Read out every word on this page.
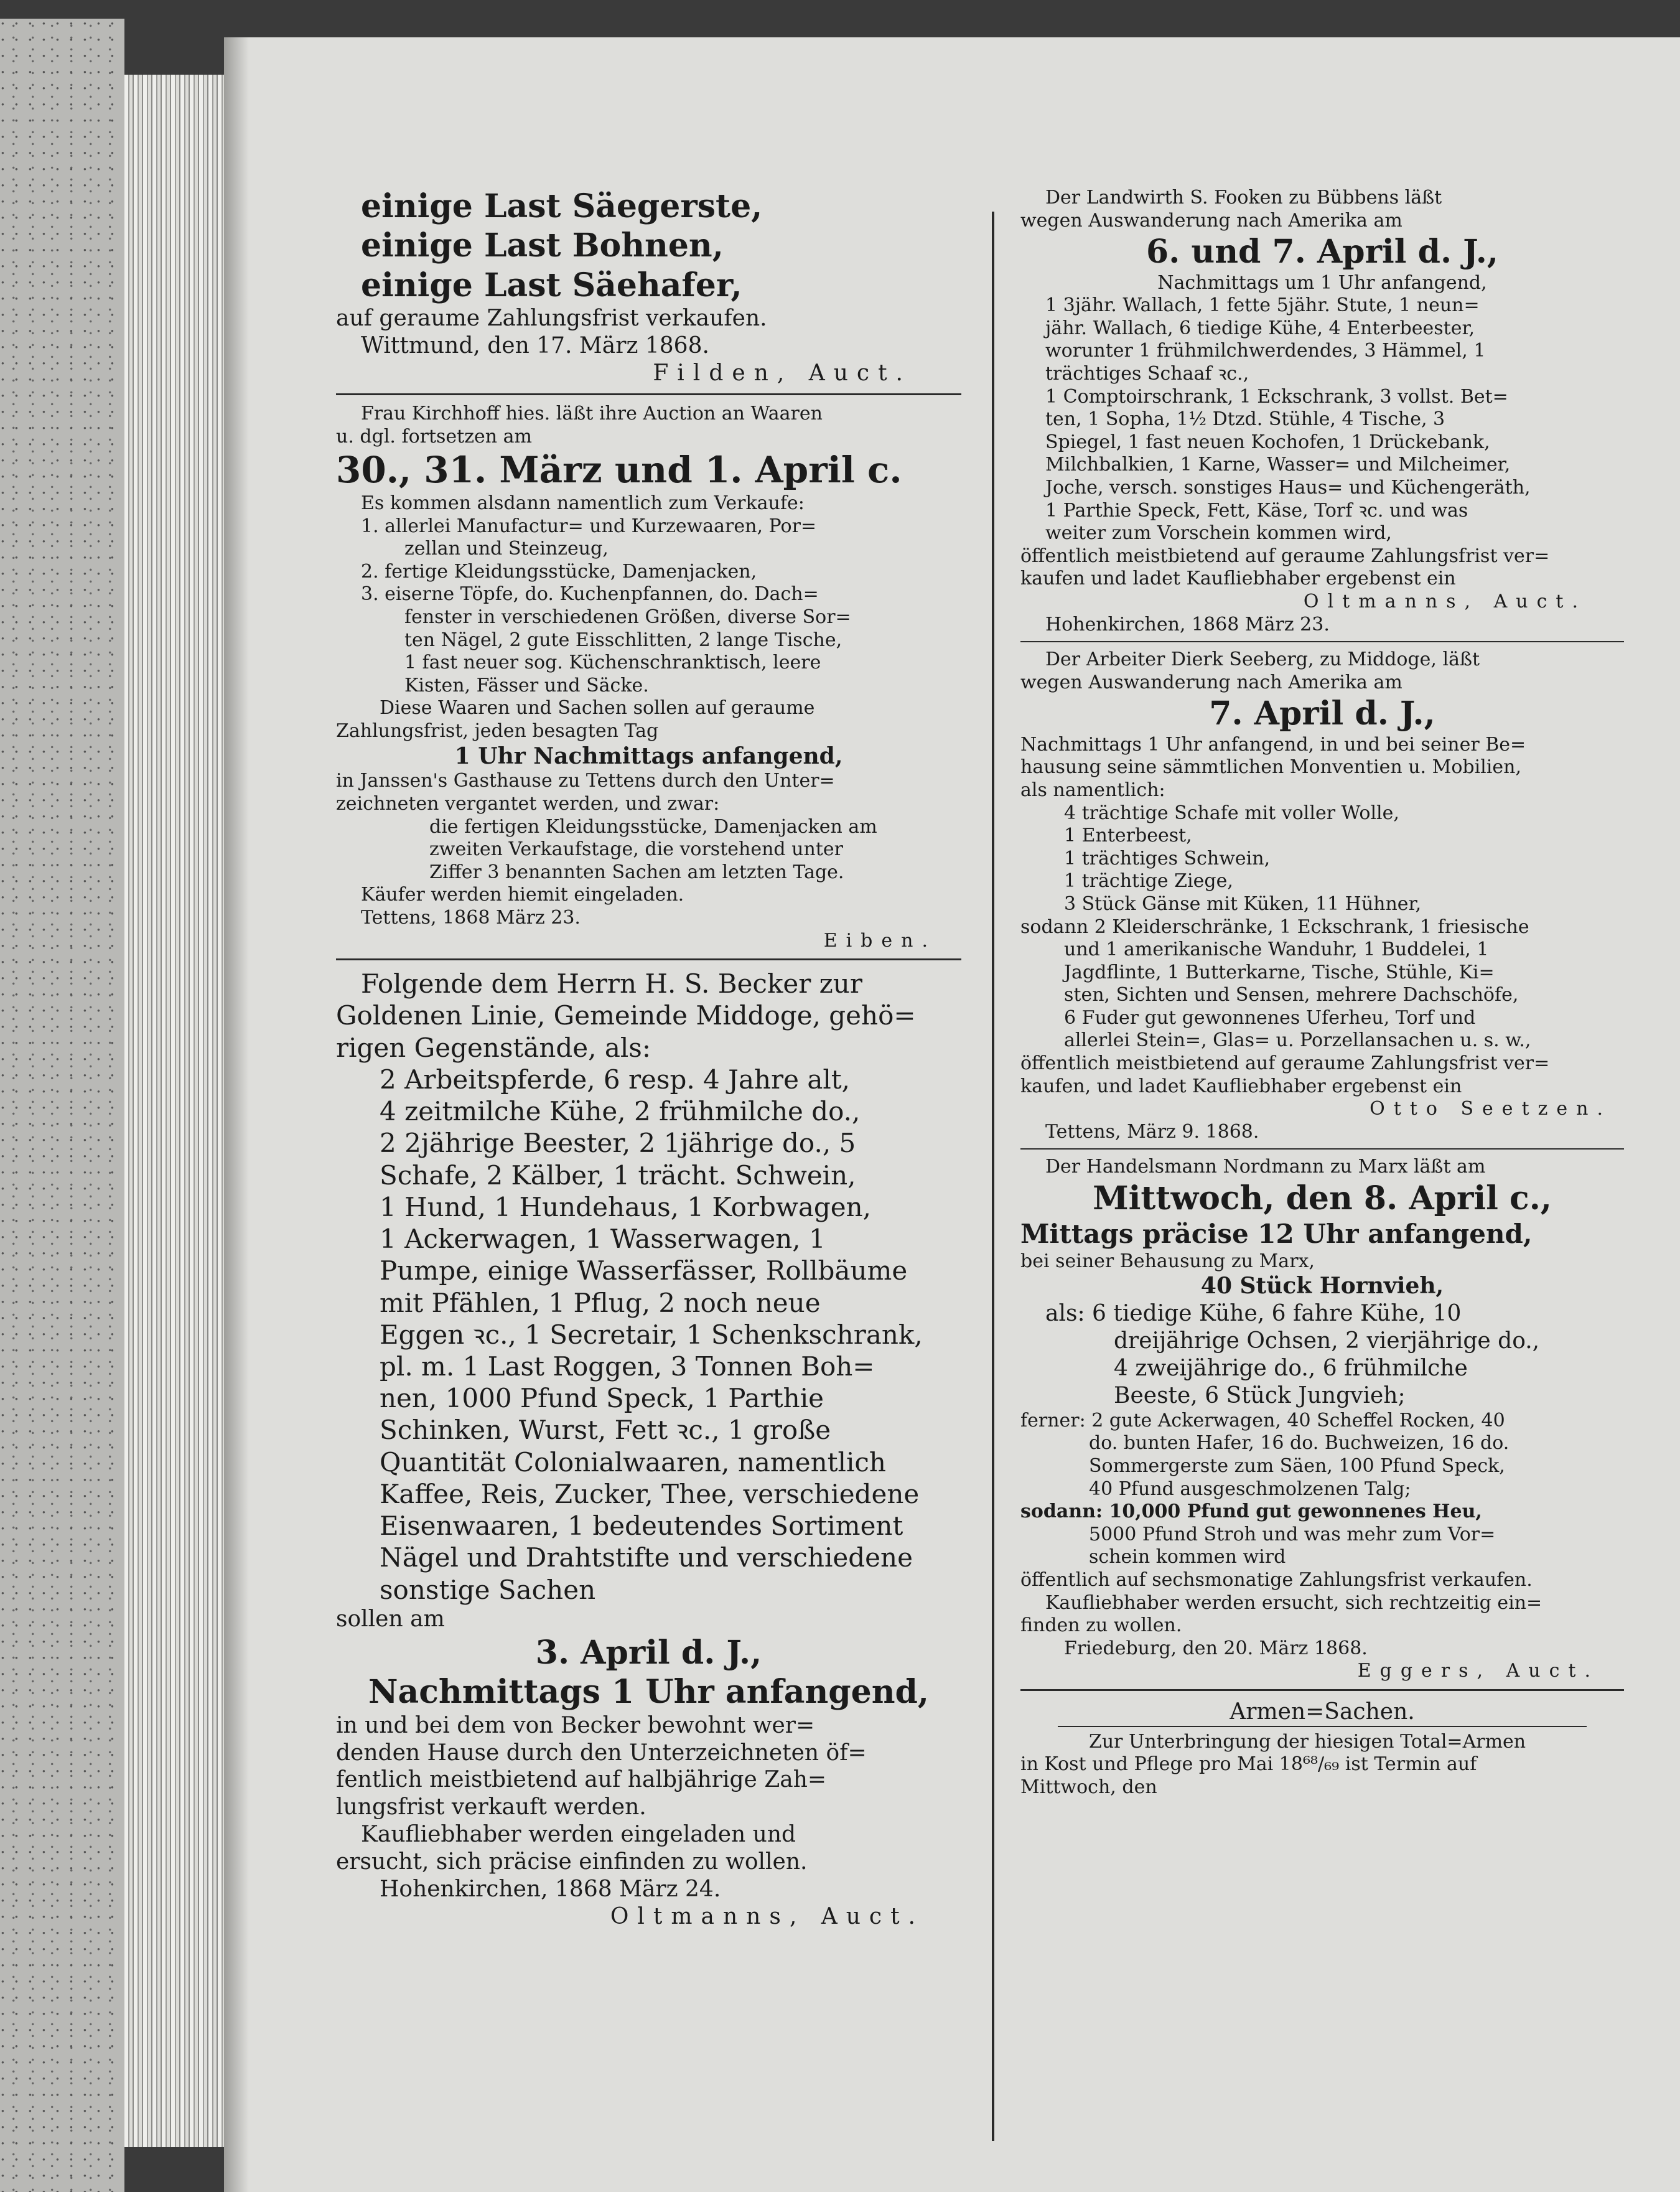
einige Last Säegerste,
einige Last Bohnen,
einige Last Säehafer,
auf geraume Zahlungsfrist verkaufen.
Wittmund, den 17. März 1868.
Filden, Auct.
Frau Kirchhoff hies. läßt ihre Auction an Waaren
u. dgl. fortsetzen am
30., 31. März und 1. April c.
Es kommen alsdann namentlich zum Verkaufe:
1. allerlei Manufactur= und Kurzewaaren, Por=
zellan und Steinzeug,
2. fertige Kleidungsstücke, Damenjacken,
3. eiserne Töpfe, do. Kuchenpfannen, do. Dach=
fenster in verschiedenen Größen, diverse Sor=
ten Nägel, 2 gute Eisschlitten, 2 lange Tische,
1 fast neuer sog. Küchenschranktisch, leere
Kisten, Fässer und Säcke.
Diese Waaren und Sachen sollen auf geraume
Zahlungsfrist, jeden besagten Tag
1 Uhr Nachmittags anfangend,
in Janssen's Gasthause zu Tettens durch den Unter=
zeichneten vergantet werden, und zwar:
die fertigen Kleidungsstücke, Damenjacken am
zweiten Verkaufstage, die vorstehend unter
Ziffer 3 benannten Sachen am letzten Tage.
Käufer werden hiemit eingeladen.
Tettens, 1868 März 23.
Eiben.
Folgende dem Herrn H. S. Becker zur
Goldenen Linie, Gemeinde Middoge, gehö=
rigen Gegenstände, als:
2 Arbeitspferde, 6 resp. 4 Jahre alt,
4 zeitmilche Kühe, 2 frühmilche do.,
2 2jährige Beester, 2 1jährige do., 5
Schafe, 2 Kälber, 1 trächt. Schwein,
1 Hund, 1 Hundehaus, 1 Korbwagen,
1 Ackerwagen, 1 Wasserwagen, 1
Pumpe, einige Wasserfässer, Rollbäume
mit Pfählen, 1 Pflug, 2 noch neue
Eggen ꝛc., 1 Secretair, 1 Schenkschrank,
pl. m. 1 Last Roggen, 3 Tonnen Boh=
nen, 1000 Pfund Speck, 1 Parthie
Schinken, Wurst, Fett ꝛc., 1 große
Quantität Colonialwaaren, namentlich
Kaffee, Reis, Zucker, Thee, verschiedene
Eisenwaaren, 1 bedeutendes Sortiment
Nägel und Drahtstifte und verschiedene
sonstige Sachen
sollen am
3. April d. J.,
Nachmittags 1 Uhr anfangend,
in und bei dem von Becker bewohnt wer=
denden Hause durch den Unterzeichneten öf=
fentlich meistbietend auf halbjährige Zah=
lungsfrist verkauft werden.
Kaufliebhaber werden eingeladen und
ersucht, sich präcise einfinden zu wollen.
Hohenkirchen, 1868 März 24.
Oltmanns, Auct.
Der Landwirth S. Fooken zu Bübbens läßt
wegen Auswanderung nach Amerika am
6. und 7. April d. J.,
Nachmittags um 1 Uhr anfangend,
1 3jähr. Wallach, 1 fette 5jähr. Stute, 1 neun=
jähr. Wallach, 6 tiedige Kühe, 4 Enterbeester,
worunter 1 frühmilchwerdendes, 3 Hämmel, 1
trächtiges Schaaf ꝛc.,
1 Comptoirschrank, 1 Eckschrank, 3 vollst. Bet=
ten, 1 Sopha, 1½ Dtzd. Stühle, 4 Tische, 3
Spiegel, 1 fast neuen Kochofen, 1 Drückebank,
Milchbalkien, 1 Karne, Wasser= und Milcheimer,
Joche, versch. sonstiges Haus= und Küchengeräth,
1 Parthie Speck, Fett, Käse, Torf ꝛc. und was
weiter zum Vorschein kommen wird,
öffentlich meistbietend auf geraume Zahlungsfrist ver=
kaufen und ladet Kaufliebhaber ergebenst ein
Oltmanns, Auct.
Hohenkirchen, 1868 März 23.
Der Arbeiter Dierk Seeberg, zu Middoge, läßt
wegen Auswanderung nach Amerika am
7. April d. J.,
Nachmittags 1 Uhr anfangend, in und bei seiner Be=
hausung seine sämmtlichen Monventien u. Mobilien,
als namentlich:
4 trächtige Schafe mit voller Wolle,
1 Enterbeest,
1 trächtiges Schwein,
1 trächtige Ziege,
3 Stück Gänse mit Küken, 11 Hühner,
sodann 2 Kleiderschränke, 1 Eckschrank, 1 friesische
und 1 amerikanische Wanduhr, 1 Buddelei, 1
Jagdflinte, 1 Butterkarne, Tische, Stühle, Ki=
sten, Sichten und Sensen, mehrere Dachschöfe,
6 Fuder gut gewonnenes Uferheu, Torf und
allerlei Stein=, Glas= u. Porzellansachen u. s. w.,
öffentlich meistbietend auf geraume Zahlungsfrist ver=
kaufen, und ladet Kaufliebhaber ergebenst ein
Otto Seetzen.
Tettens, März 9. 1868.
Der Handelsmann Nordmann zu Marx läßt am
Mittwoch, den 8. April c.,
Mittags präcise 12 Uhr anfangend,
bei seiner Behausung zu Marx,
40 Stück Hornvieh,
als: 6 tiedige Kühe, 6 fahre Kühe, 10
dreijährige Ochsen, 2 vierjährige do.,
4 zweijährige do., 6 frühmilche
Beeste, 6 Stück Jungvieh;
ferner: 2 gute Ackerwagen, 40 Scheffel Rocken, 40
do. bunten Hafer, 16 do. Buchweizen, 16 do.
Sommergerste zum Säen, 100 Pfund Speck,
40 Pfund ausgeschmolzenen Talg;
sodann: 10,000 Pfund gut gewonnenes Heu,
5000 Pfund Stroh und was mehr zum Vor=
schein kommen wird
öffentlich auf sechsmonatige Zahlungsfrist verkaufen.
Kaufliebhaber werden ersucht, sich rechtzeitig ein=
finden zu wollen.
Friedeburg, den 20. März 1868.
Eggers, Auct.
Armen=Sachen.
Zur Unterbringung der hiesigen Total=Armen
in Kost und Pflege pro Mai 18⁶⁸/₆₉ ist Termin auf
Mittwoch, den
